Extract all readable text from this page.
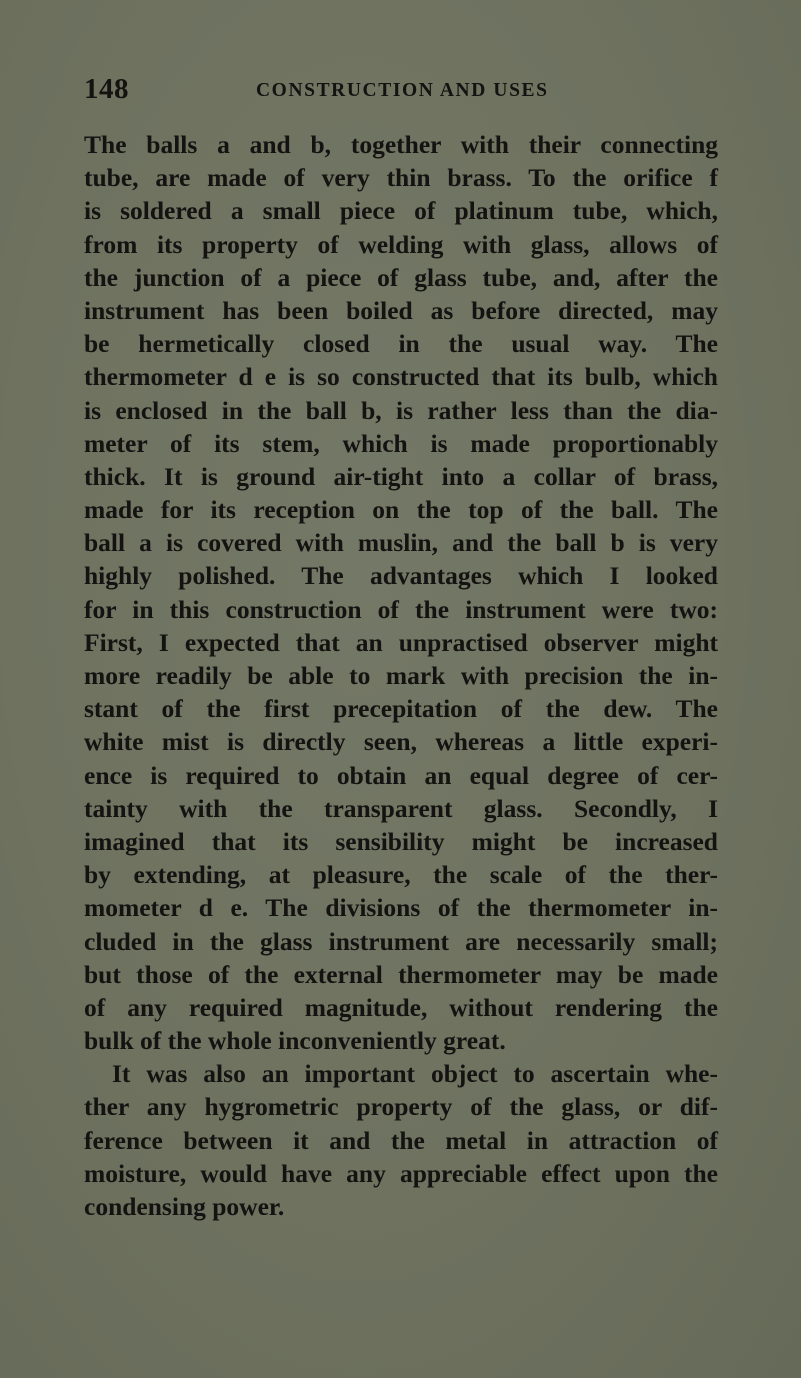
148	CONSTRUCTION AND USES
The balls a and b, together with their connecting
tube, are made of very thin brass. To the orifice f
is soldered a small piece of platinum tube, which,
from its property of welding with glass, allows of
the junction of a piece of glass tube, and, after the
instrument has been boiled as before directed, may
be hermetically closed in the usual way. The
thermometer d e is so constructed that its bulb, which
is enclosed in the ball b, is rather less than the dia-
meter of its stem, which is made proportionably
thick. It is ground air-tight into a collar of brass,
made for its reception on the top of the ball. The
ball a is covered with muslin, and the ball b is very
highly polished. The advantages which I looked
for in this construction of the instrument were two:
First, I expected that an unpractised observer might
more readily be able to mark with precision the in-
stant of the first precepitation of the dew. The
white mist is directly seen, whereas a little experi-
ence is required to obtain an equal degree of cer-
tainty with the transparent glass. Secondly, I
imagined that its sensibility might be increased
by extending, at pleasure, the scale of the ther-
mometer d e. The divisions of the thermometer in-
cluded in the glass instrument are necessarily small;
but those of the external thermometer may be made
of any required magnitude, without rendering the
bulk of the whole inconveniently great.
It was also an important object to ascertain whe-
ther any hygrometric property of the glass, or dif-
ference between it and the metal in attraction of
moisture, would have any appreciable effect upon the
condensing power.
